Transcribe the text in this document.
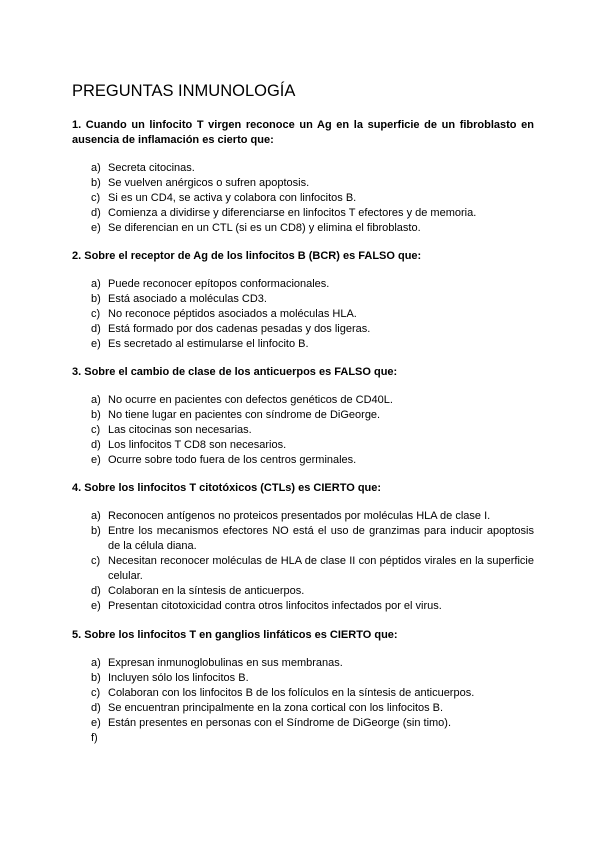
PREGUNTAS INMUNOLOGÍA

1. Cuando un linfocito T virgen reconoce un Ag en la superficie de un fibroblasto en ausencia de inflamación es cierto que:

a) Secreta citocinas.
b) Se vuelven anérgicos o sufren apoptosis.
c) Si es un CD4, se activa y colabora con linfocitos B.
d) Comienza a dividirse y diferenciarse en linfocitos T efectores y de memoria.
e) Se diferencian en un CTL (si es un CD8) y elimina el fibroblasto.

2. Sobre el receptor de Ag de los linfocitos B (BCR) es FALSO que:

a) Puede reconocer epítopos conformacionales.
b) Está asociado a moléculas CD3.
c) No reconoce péptidos asociados a moléculas HLA.
d) Está formado por dos cadenas pesadas y dos ligeras.
e) Es secretado al estimularse el linfocito B.

3. Sobre el cambio de clase de los anticuerpos es FALSO que:

a) No ocurre en pacientes con defectos genéticos de CD40L.
b) No tiene lugar en pacientes con síndrome de DiGeorge.
c) Las citocinas son necesarias.
d) Los linfocitos T CD8 son necesarios.
e) Ocurre sobre todo fuera de los centros germinales.

4. Sobre los linfocitos T citotóxicos (CTLs) es CIERTO que:

a) Reconocen antígenos no proteicos presentados por moléculas HLA de clase I.
b) Entre los mecanismos efectores NO está el uso de granzimas para inducir apoptosis de la célula diana.
c) Necesitan reconocer moléculas de HLA de clase II con péptidos virales en la superficie celular.
d) Colaboran en la síntesis de anticuerpos.
e) Presentan citotoxicidad contra otros linfocitos infectados por el virus.

5. Sobre los linfocitos T en ganglios linfáticos es CIERTO que:

a) Expresan inmunoglobulinas en sus membranas.
b) Incluyen sólo los linfocitos B.
c) Colaboran con los linfocitos B de los folículos en la síntesis de anticuerpos.
d) Se encuentran principalmente en la zona cortical con los linfocitos B.
e) Están presentes en personas con el Síndrome de DiGeorge (sin timo).
f)
